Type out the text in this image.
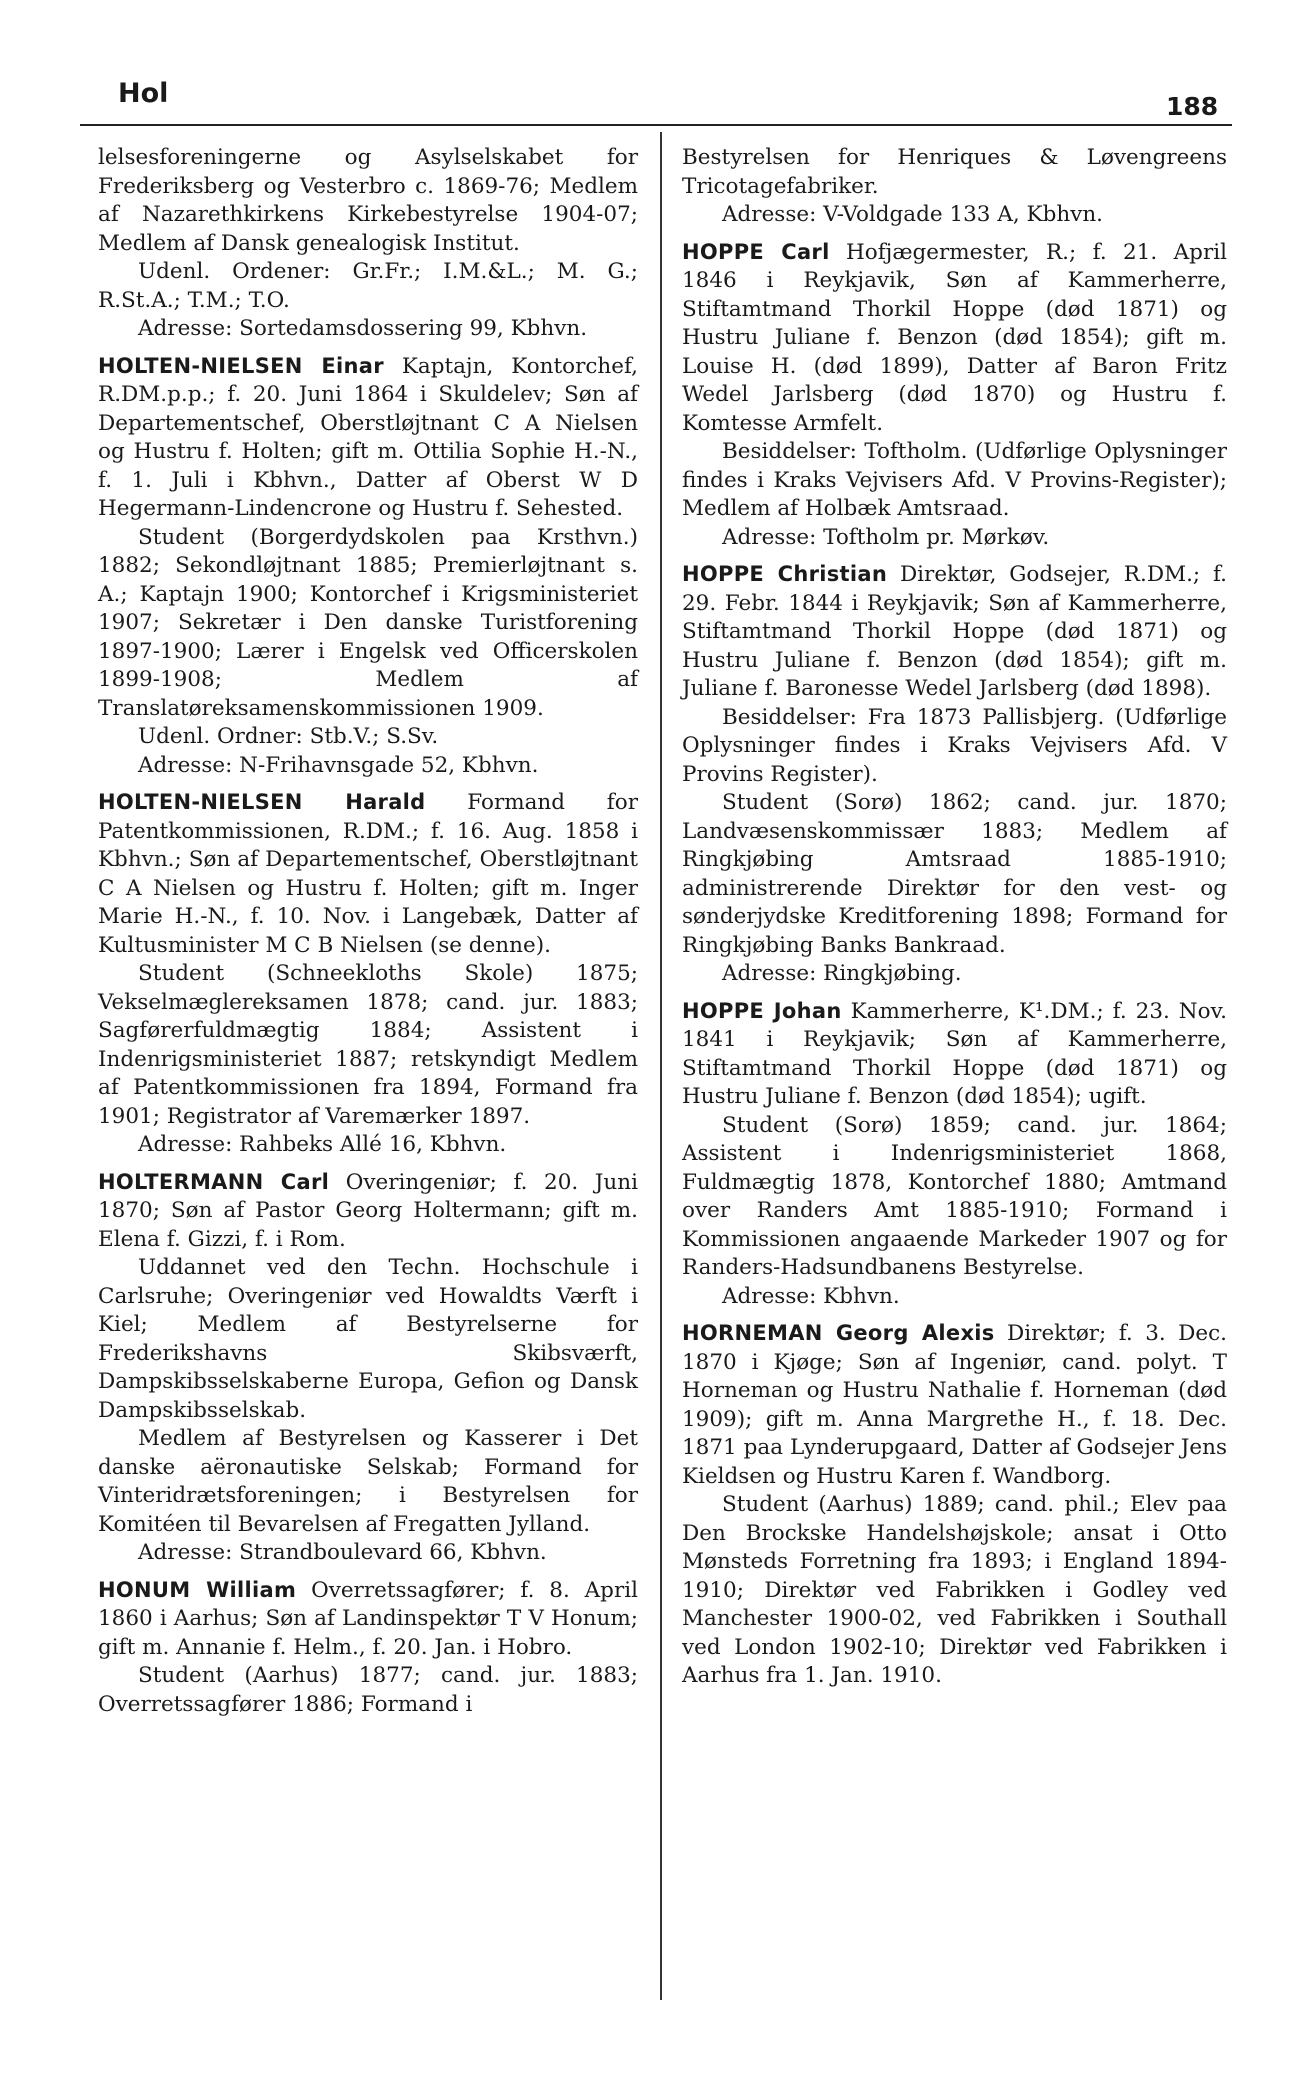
Hol	188

lelsesforeningerne og Asylselskabet for Frederiksberg og Vesterbro c. 1869-76; Medlem af Nazarethkirkens Kirkebestyrelse 1904-07; Medlem af Dansk genealogisk Institut.

Udenl. Ordener: Gr.Fr.; I.M.&L.; M. G.; R.St.A.; T.M.; T.O.

Adresse: Sortedamsdossering 99, Kbhvn.

HOLTEN-NIELSEN Einar Kaptajn, Kontorchef, R.DM.p.p.; f. 20. Juni 1864 i Skuldelev; Søn af Departementschef, Oberstløjtnant C A Nielsen og Hustru f. Holten; gift m. Ottilia Sophie H.-N., f. 1. Juli i Kbhvn., Datter af Oberst W D Hegermann-Lindencrone og Hustru f. Sehested.

Student (Borgerdydskolen paa Krsthvn.) 1882; Sekondløjtnant 1885; Premierløjtnant s. A.; Kaptajn 1900; Kontorchef i Krigsministeriet 1907; Sekretær i Den danske Turistforening 1897-1900; Lærer i Engelsk ved Officerskolen 1899-1908; Medlem af Translatøreksamenskommissionen 1909.

Udenl. Ordner: Stb.V.; S.Sv.

Adresse: N-Frihavnsgade 52, Kbhvn.

HOLTEN-NIELSEN Harald Formand for Patentkommissionen, R.DM.; f. 16. Aug. 1858 i Kbhvn.; Søn af Departementschef, Oberstløjtnant C A Nielsen og Hustru f. Holten; gift m. Inger Marie H.-N., f. 10. Nov. i Langebæk, Datter af Kultusminister M C B Nielsen (se denne).

Student (Schneekloths Skole) 1875; Vekselmæglereksamen 1878; cand. jur. 1883; Sagførerfuldmægtig 1884; Assistent i Indenrigsministeriet 1887; retskyndigt Medlem af Patentkommissionen fra 1894, Formand fra 1901; Registrator af Varemærker 1897.

Adresse: Rahbeks Allé 16, Kbhvn.

HOLTERMANN Carl Overingeniør; f. 20. Juni 1870; Søn af Pastor Georg Holtermann; gift m. Elena f. Gizzi, f. i Rom.

Uddannet ved den Techn. Hochschule i Carlsruhe; Overingeniør ved Howaldts Værft i Kiel; Medlem af Bestyrelserne for Frederikshavns Skibsværft, Dampskibsselskaberne Europa, Gefion og Dansk Dampskibsselskab.

Medlem af Bestyrelsen og Kasserer i Det danske aëronautiske Selskab; Formand for Vinteridrætsforeningen; i Bestyrelsen for Komitéen til Bevarelsen af Fregatten Jylland.

Adresse: Strandboulevard 66, Kbhvn.

HONUM William Overretssagfører; f. 8. April 1860 i Aarhus; Søn af Landinspektør T V Honum; gift m. Annanie f. Helm., f. 20. Jan. i Hobro.

Student (Aarhus) 1877; cand. jur. 1883; Overretssagfører 1886; Formand i

Bestyrelsen for Henriques & Løvengreens Tricotagefabriker.

Adresse: V-Voldgade 133 A, Kbhvn.

HOPPE Carl Hofjægermester, R.; f. 21. April 1846 i Reykjavik, Søn af Kammerherre, Stiftamtmand Thorkil Hoppe (død 1871) og Hustru Juliane f. Benzon (død 1854); gift m. Louise H. (død 1899), Datter af Baron Fritz Wedel Jarlsberg (død 1870) og Hustru f. Komtesse Armfelt.

Besiddelser: Toftholm. (Udførlige Oplysninger findes i Kraks Vejvisers Afd. V Provins-Register); Medlem af Holbæk Amtsraad.

Adresse: Toftholm pr. Mørkøv.

HOPPE Christian Direktør, Godsejer, R.DM.; f. 29. Febr. 1844 i Reykjavik; Søn af Kammerherre, Stiftamtmand Thorkil Hoppe (død 1871) og Hustru Juliane f. Benzon (død 1854); gift m. Juliane f. Baronesse Wedel Jarlsberg (død 1898).

Besiddelser: Fra 1873 Pallisbjerg. (Udførlige Oplysninger findes i Kraks Vejvisers Afd. V Provins Register).

Student (Sorø) 1862; cand. jur. 1870; Landvæsenskommissær 1883; Medlem af Ringkjøbing Amtsraad 1885-1910; administrerende Direktør for den vest- og sønderjydske Kreditforening 1898; Formand for Ringkjøbing Banks Bankraad.

Adresse: Ringkjøbing.

HOPPE Johan Kammerherre, K¹.DM.; f. 23. Nov. 1841 i Reykjavik; Søn af Kammerherre, Stiftamtmand Thorkil Hoppe (død 1871) og Hustru Juliane f. Benzon (død 1854); ugift.

Student (Sorø) 1859; cand. jur. 1864; Assistent i Indenrigsministeriet 1868, Fuldmægtig 1878, Kontorchef 1880; Amtmand over Randers Amt 1885-1910; Formand i Kommissionen angaaende Markeder 1907 og for Randers-Hadsundbanens Bestyrelse.

Adresse: Kbhvn.

HORNEMAN Georg Alexis Direktør; f. 3. Dec. 1870 i Kjøge; Søn af Ingeniør, cand. polyt. T Horneman og Hustru Nathalie f. Horneman (død 1909); gift m. Anna Margrethe H., f. 18. Dec. 1871 paa Lynderupgaard, Datter af Godsejer Jens Kieldsen og Hustru Karen f. Wandborg.

Student (Aarhus) 1889; cand. phil.; Elev paa Den Brockske Handelshøjskole; ansat i Otto Mønsteds Forretning fra 1893; i England 1894-1910; Direktør ved Fabrikken i Godley ved Manchester 1900-02, ved Fabrikken i Southall ved London 1902-10; Direktør ved Fabrikken i Aarhus fra 1. Jan. 1910.
